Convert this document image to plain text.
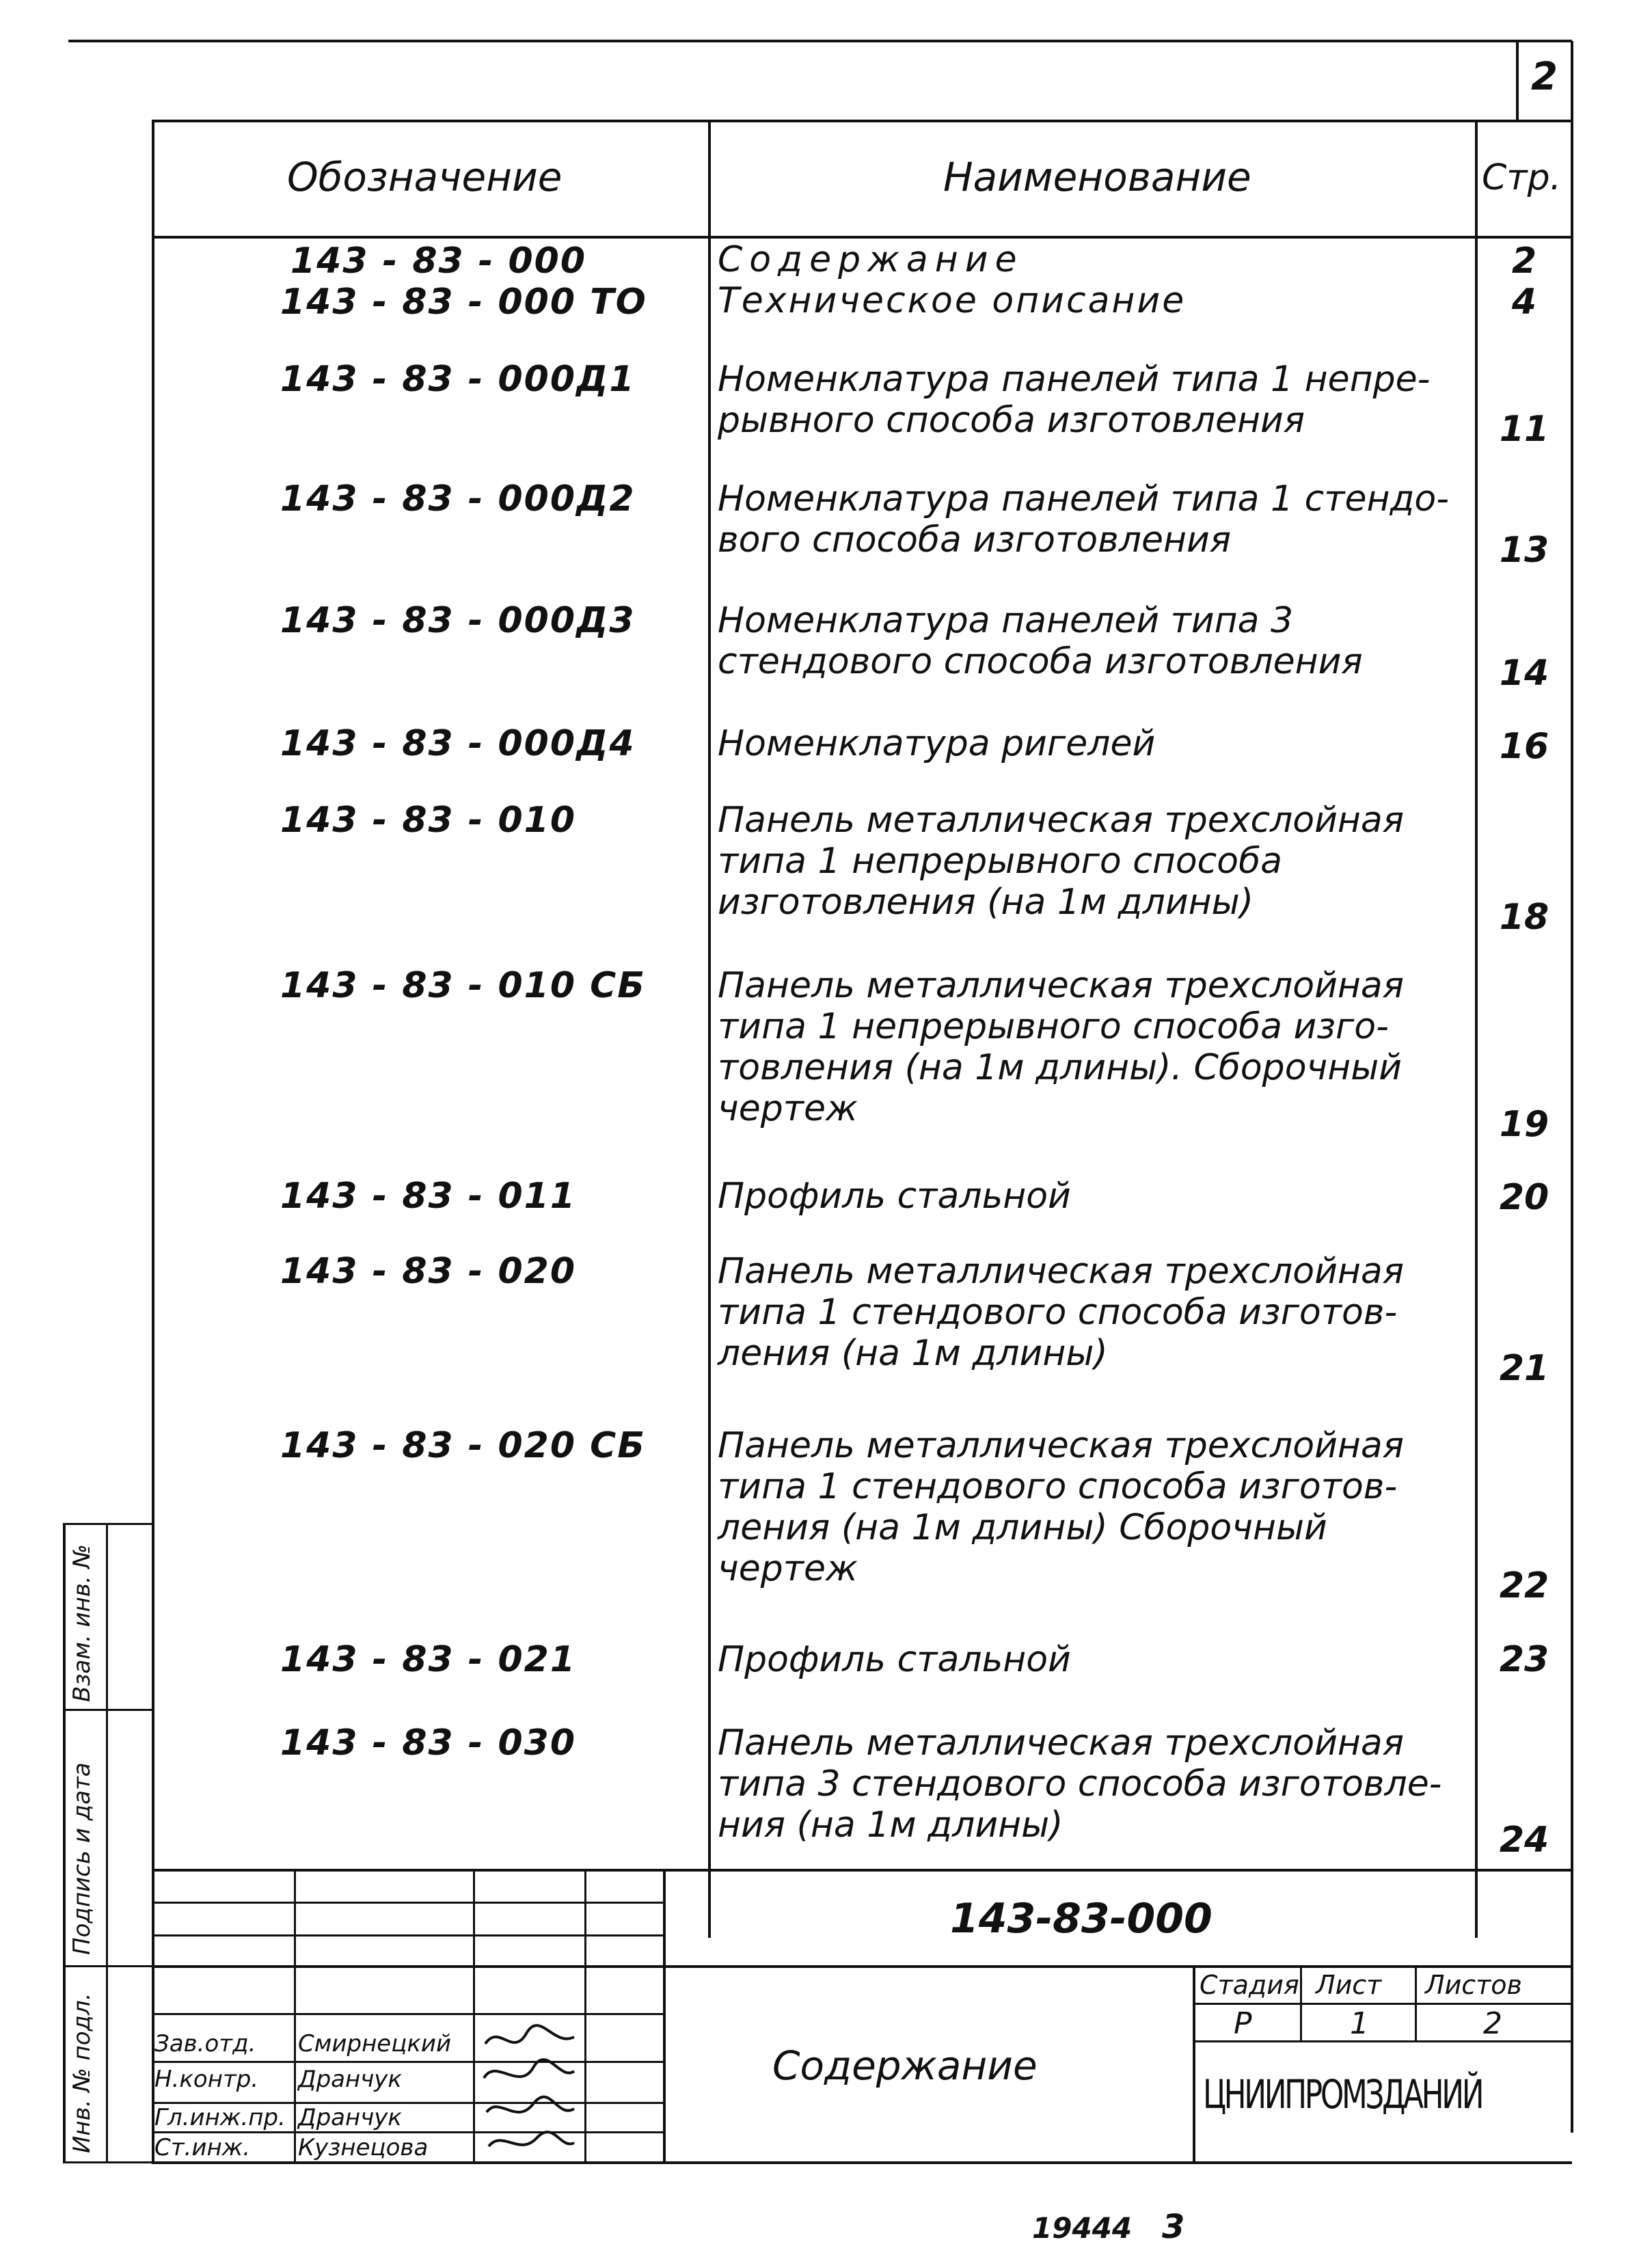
2
Обозначение	Наименование	Стр.
143 - 83 - 000	Содержание	2
143 - 83 - 000 ТО Техническое описание	4
143 - 83 - 000Д1 Номенклатура панелей типа 1 непре-
рывного способа изготовления	11
143 - 83 - 000Д2 Номенклатура панелей типа 1 стендо-
вого способа изготовления	13
143 - 83 - 000Д3 Номенклатура панелей типа 3
стендового способа изготовления	14
143 - 83 - 000Д4 Номенклатура ригелей	16
143 - 83 - 010	Панель металлическая трехслойная
типа 1 непрерывного способа
изготовления (на 1м длины)	18
143 - 83 - 010 СБ Панель металлическая трехслойная
типа 1 непрерывного способа изго-
товления (на 1м длины). Сборочный
чертеж	19
143 - 83 - 011	Профиль стальной	20
143 - 83 - 020	Панель металлическая трехслойная
типа 1 стендового способа изготов-
ления (на 1м длины)	21
143 - 83 - 020 СБ Панель металлическая трехслойная
типа 1 стендового способа изготов-
ления (на 1м длины) Сборочный
чертеж	22
143 - 83 - 021	Профиль стальной	23
143 - 83 - 030	Панель металлическая трехслойная
типа 3 стендового способа изготовле-
ния (на 1м длины)	24
Зав.отд. Смирнецкий
Н.контр. Дранчук
Гл.инж.пр. Дранчук
Ст.инж. Кузнецова
143-83-000
Содержание
Стадия Лист Листов
Р	1	2
ЦНИИПРОМЗДАНИЙ
Взам. инв. №
Подпись и дата
Инв. № подл.
19444 3
